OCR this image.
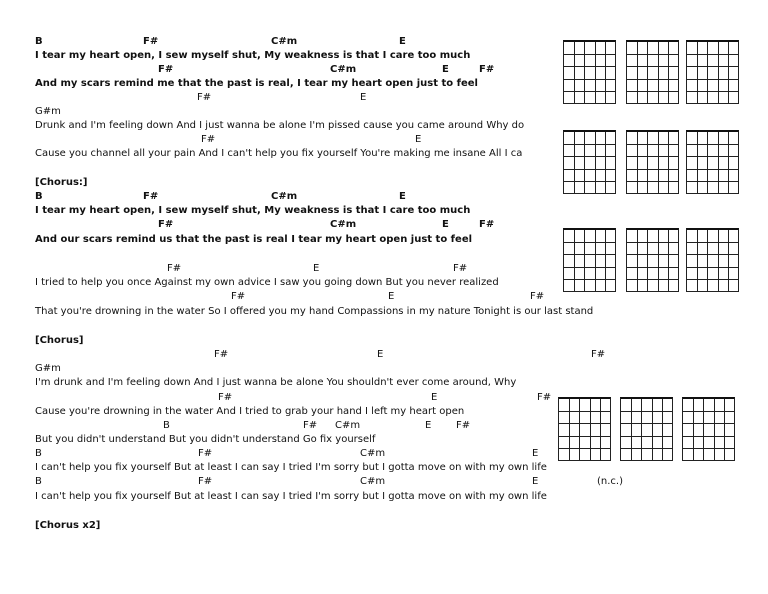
B	F#	C#m	E
I tear my heart open, I sew myself shut, My weakness is that I care too much
F#	C#m	E	F#
And my scars remind me that the past is real, I tear my heart open just to feel
F#	E
G#m
Drunk and I'm feeling down And I just wanna be alone I'm pissed cause you came around Why do
F#	E
Cause you channel all your pain And I can't help you fix yourself You're making me insane All I ca
[Chorus:]
B	F#	C#m	E
I tear my heart open, I sew myself shut, My weakness is that I care too much
F#	C#m	E	F#
And our scars remind us that the past is real I tear my heart open just to feel
F#	E	F#
I tried to help you once Against my own advice I saw you going down But you never realized
F#	E	F#
That you're drowning in the water So I offered you my hand Compassions in my nature Tonight is our last stand
[Chorus]
F#	E	F#
G#m
I'm drunk and I'm feeling down And I just wanna be alone You shouldn't ever come around, Why
F#	E	F#
Cause you're drowning in the water And I tried to grab your hand I left my heart open
B	F# C#m	E F#
But you didn't understand But you didn't understand Go fix yourself
B	F#	C#m	E
I can't help you fix yourself But at least I can say I tried I'm sorry but I gotta move on with my own life
B	F#	C#m	E	(n.c.)
I can't help you fix yourself But at least I can say I tried I'm sorry but I gotta move on with my own life
[Chorus x2]
